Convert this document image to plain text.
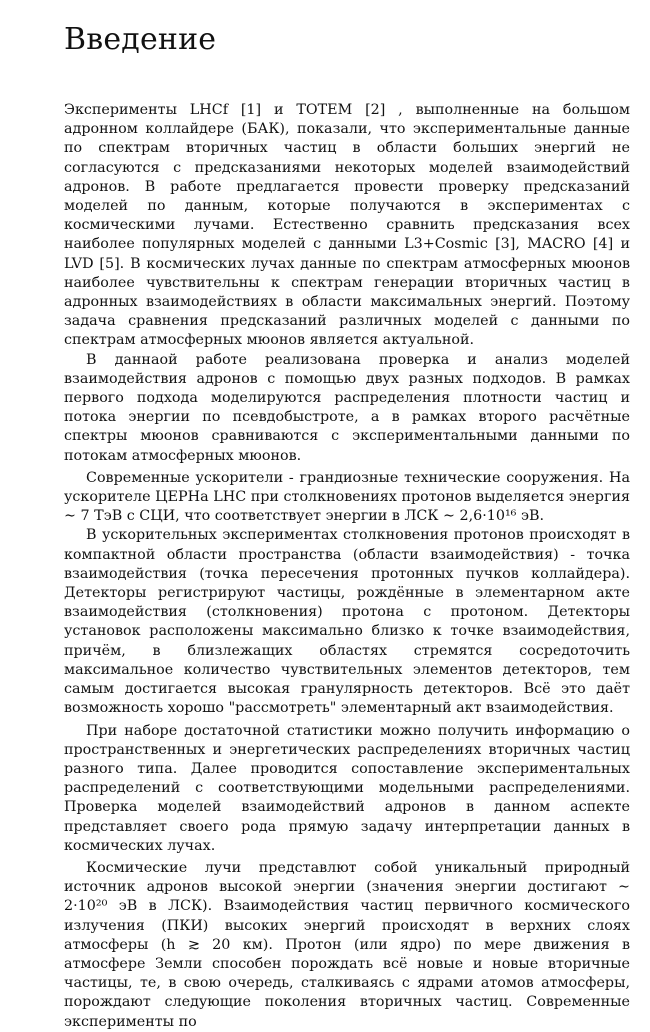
Введение

Эксперименты LHCf [1] и TOTEM [2] , выполненные на большом адронном коллайдере (БАК), показали, что экспериментальные данные по спектрам вторичных частиц в области больших энергий не согласуются с предсказаниями некоторых моделей взаимодействий адронов. В работе предлагается провести проверку предсказаний моделей по данным, которые получаются в экспериментах с космическими лучами. Естественно сравнить предсказания всех наиболее популярных моделей с данными L3+Cosmic [3], MACRO [4] и LVD [5]. В космических лучах данные по спектрам атмосферных мюонов наиболее чувствительны к спектрам генерации вторичных частиц в адронных взаимодействиях в области максимальных энергий. Поэтому задача сравнения предсказаний различных моделей с данными по спектрам атмосферных мюонов является актуальной.

В даннаой работе реализована проверка и анализ моделей взаимодействия адронов с помощью двух разных подходов. В рамках первого подхода моделируются распределения плотности частиц и потока энергии по псевдобыстроте, а в рамках второго расчётные спектры мюонов сравниваются с экспериментальными данными по потокам атмосферных мюонов.

Современные ускорители - грандиозные технические сооружения. На ускорителе ЦЕРНа LHC при столкновениях протонов выделяется энергия ∼ 7 ТэВ с СЦИ, что соответствует энергии в ЛСК ∼ 2,6·10¹⁶ эВ.

В ускорительных экспериментах столкновения протонов происходят в компактной области пространства (области взаимодействия) - точка взаимодействия (точка пересечения протонных пучков коллайдера). Детекторы регистрируют частицы, рождённые в элементарном акте взаимодействия (столкновения) протона с протоном. Детекторы установок расположены максимально близко к точке взаимодействия, причём, в близлежащих областях стремятся сосредоточить максимальное количество чувствительных элементов детекторов, тем самым достигается высокая гранулярность детекторов. Всё это даёт возможность хорошо "рассмотреть" элементарный акт взаимодействия.

При наборе достаточной статистики можно получить информацию о пространственных и энергетических распределениях вторичных частиц разного типа. Далее проводится сопоставление экспериментальных распределений с соответствующими модельными распределениями. Проверка моделей взаимодействий адронов в данном аспекте представляет своего рода прямую задачу интерпретации данных в космических лучах.

Космические лучи представлют собой уникальный природный источник адронов высокой энергии (значения энергии достигают ∼ 2·10²⁰ эВ в ЛСК). Взаимодействия частиц первичного космического излучения (ПКИ) высоких энергий происходят в верхних слоях атмосферы (h ≳ 20 км). Протон (или ядро) по мере движения в атмосфере Земли способен порождать всё новые и новые вторичные частицы, те, в свою очередь, сталкиваясь с ядрами атомов атмосферы, порождают следующие поколения вторичных частиц. Современные эксперименты по
